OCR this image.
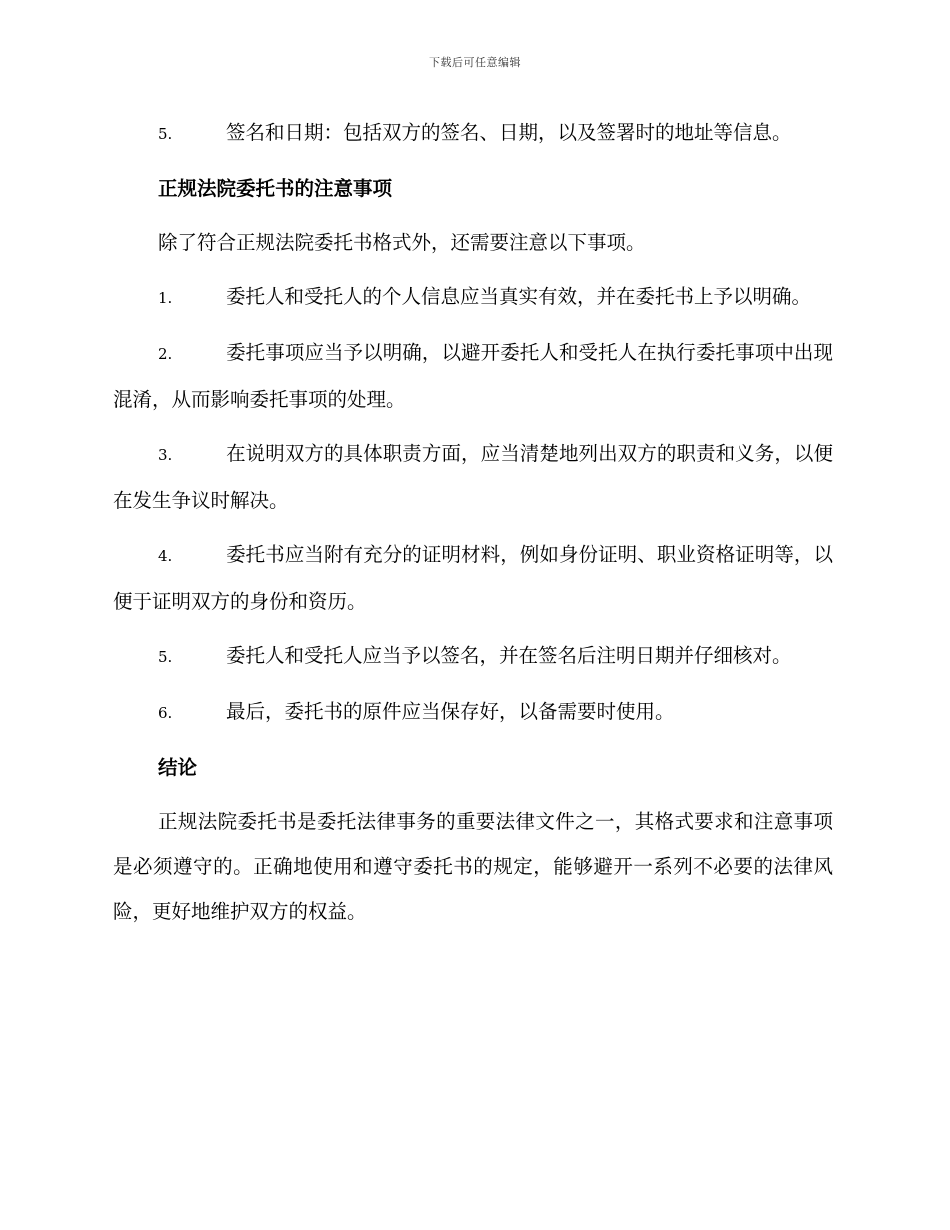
下载后可任意编辑

5.	签名和日期：包括双方的签名、日期，以及签署时的地址等信息。

正规法院委托书的注意事项

除了符合正规法院委托书格式外，还需要注意以下事项。

1.	委托人和受托人的个人信息应当真实有效，并在委托书上予以明确。

2.	委托事项应当予以明确，以避开委托人和受托人在执行委托事项中出现混淆，从而影响委托事项的处理。

3.	在说明双方的具体职责方面，应当清楚地列出双方的职责和义务，以便在发生争议时解决。

4.	委托书应当附有充分的证明材料，例如身份证明、职业资格证明等，以便于证明双方的身份和资历。

5.	委托人和受托人应当予以签名，并在签名后注明日期并仔细核对。

6.	最后，委托书的原件应当保存好，以备需要时使用。

结论

正规法院委托书是委托法律事务的重要法律文件之一，其格式要求和注意事项是必须遵守的。正确地使用和遵守委托书的规定，能够避开一系列不必要的法律风险，更好地维护双方的权益。
